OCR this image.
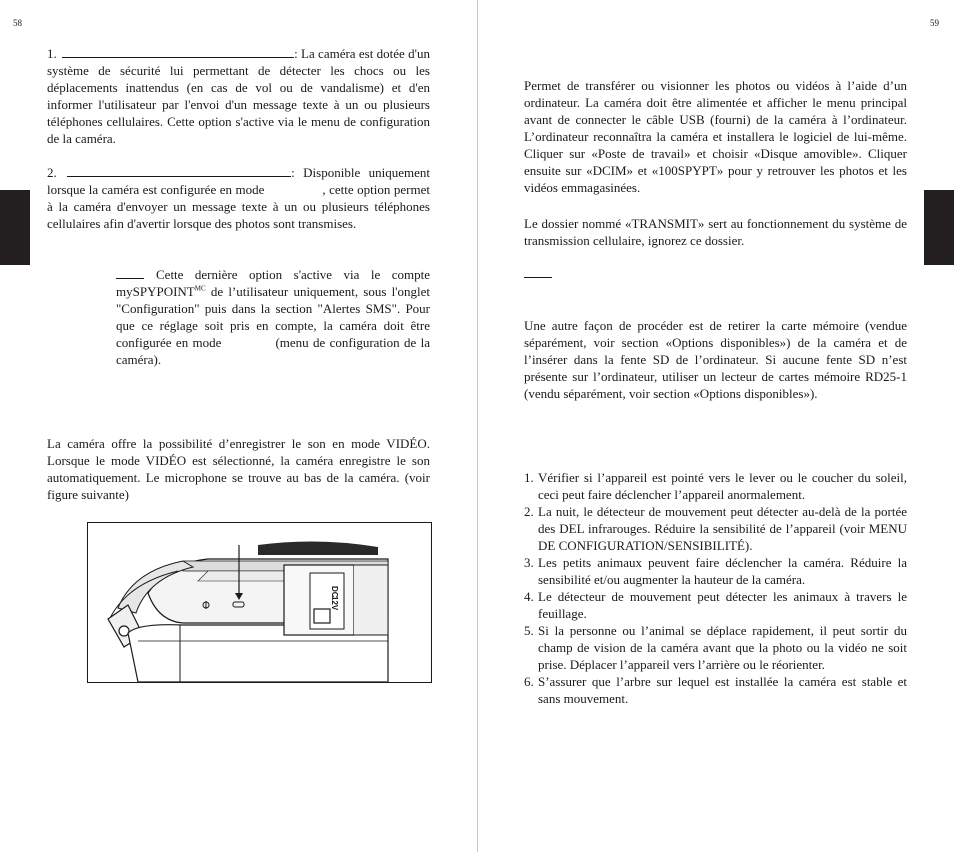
58	59
1.	: La caméra est dotée d'un système de sécurité lui permettant de détecter les chocs ou les déplacements inattendus (en cas de vol ou de vandalisme) et d'en informer l'utilisateur par l'envoi d'un message texte à un ou plusieurs téléphones cellulaires. Cette option s'active via le menu de configuration de la caméra.
2.	: Disponible uniquement lorsque la caméra est configurée en mode	, cette option permet à la caméra d'envoyer un message texte à un ou plusieurs téléphones cellulaires afin d'avertir lorsque des photos sont transmises.
Cette dernière option s'active via le compte mySPYPOINT$^{MC}$ de l’utilisateur uniquement, sous l'onglet "Configuration" puis dans la section "Alertes SMS". Pour que ce réglage soit pris en compte, la caméra doit être configurée en mode	(menu de configuration de la caméra).
La caméra offre la possibilité d’enregistrer le son en mode VIDÉO. Lorsque le mode VIDÉO est sélectionné, la caméra enregistre le son automatiquement. Le microphone se trouve au bas de la caméra. (voir figure suivante)
DC
12V
Permet de transférer ou visionner les photos ou vidéos à l’aide d’un ordinateur. La caméra doit être alimentée et afficher le menu principal avant de connecter le câble USB (fourni) de la caméra à l’ordinateur. L’ordinateur reconnaîtra la caméra et installera le logiciel de lui-même. Cliquer sur «Poste de travail» et choisir «Disque amovible». Cliquer ensuite sur «DCIM» et «100SPYPT» pour y retrouver les photos et les vidéos emmagasinées.
Le dossier nommé «TRANSMIT» sert au fonctionnement du système de transmission cellulaire, ignorez ce dossier.
Une autre façon de procéder est de retirer la carte mémoire (vendue séparément, voir section «Options disponibles») de la caméra et de l’insérer dans la fente SD de l’ordinateur. Si aucune fente SD n’est présente sur l’ordinateur, utiliser un lecteur de cartes mémoire RD25-1 (vendu séparément, voir section «Options disponibles»).
1. Vérifier si l’appareil est pointé vers le lever ou le coucher du soleil, ceci peut faire déclencher l’appareil anormalement.
2. La nuit, le détecteur de mouvement peut détecter au-delà de la portée des DEL infrarouges. Réduire la sensibilité de l’appareil (voir MENU DE CONFIGURATION/SENSIBILITÉ).
3. Les petits animaux peuvent faire déclencher la caméra. Réduire la sensibilité et/ou augmenter la hauteur de la caméra.
4. Le détecteur de mouvement peut détecter les animaux à travers le feuillage.
5. Si la personne ou l’animal se déplace rapidement, il peut sortir du champ de vision de la caméra avant que la photo ou la vidéo ne soit prise. Déplacer l’appareil vers l’arrière ou le réorienter.
6. S’assurer que l’arbre sur lequel est installée la caméra est stable et sans mouvement.
